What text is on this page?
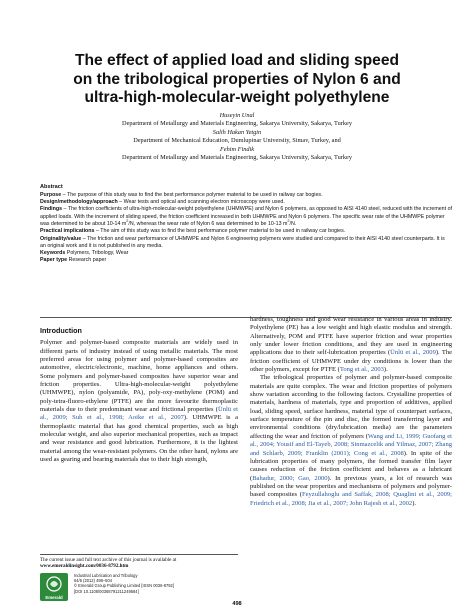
The effect of applied load and sliding speed
on the tribological properties of Nylon 6 and
ultra-high-molecular-weight polyethylene
Huseyin Unal
Department of Metallurgy and Materials Engineering, Sakarya University, Sakarya, Turkey
Salih Hakan Yetgin
Department of Mechanical Education, Dumlupinar University, Simav, Turkey, and
Fehim Findik
Department of Metallurgy and Materials Engineering, Sakarya University, Sakarya, Turkey
Abstract

Purpose – The purpose of this study was to find the best performance polymer material to be used in railway car bogies.

Design/methodology/approach – Wear tests and optical and scanning electron microscopy were used.

Findings – The friction coefficients of ultra-high-molecular-weight polyethylene (UHMWPE) and Nylon 6 polymers, as opposed to AISI 4140 steel, reduced with the increment of applied loads. With the increment of sliding speed, the friction coefficient increased in both UHMWPE and Nylon 6 polymers. The specific wear rate of the UHMWPE polymer was determined to be about 10-14 $m^2/N$, whereas the wear rate of Nylon 6 was determined to be 10-13 $m^2/N$.

Practical implications – The aim of this study was to find the best performance polymer material to be used in railway car bogies.

Originality/value – The friction and wear performance of UHMWPE and Nylon 6 engineering polymers were studied and compared to their AISI 4140 steel counterparts. It is an original work and it is not published in any media.

Keywords Polymers, Tribology, Wear

Paper type Research paper

Introduction

Polymer and polymer-based composite materials are widely used in different parts of industry instead of using metallic materials. The most preferred areas for using polymer and polymer-based composites are automotive, electric/electronic, machine, home appliances and others. Some polymers and polymer-based composites have superior wear and friction properties. Ultra-high-molecular-weight polyethylene (UHMWPE), nylon (polyamide, PA), poly-oxy-methylene (POM) and poly-tetra-fluoro-ethylene (PTFE) are the more favourite thermoplastic materials due to their predominant wear and frictional properties (Ünlü et al., 2009; Suh et al., 1998; Aoike et al., 2007). UHMWPE is a thermoplastic material that has good chemical properties, such as high molecular weight, and also superior mechanical properties, such as impact and wear resistance and good lubrication. Furthermore, it is the lightest material among the wear-resistant polymers. On the other hand, nylons are used as gearing and bearing materials due to their high strength,

hardness, toughness and good wear resistance in various areas in industry. Polyethylene (PE) has a low weight and high elastic modulus and strength. Alternatively, POM and PTFE have superior friction and wear properties only under lower friction conditions, and they are used in engineering applications due to their self-lubrication properties (Ünlü et al., 2009). The friction coefficient of UHMWPE under dry conditions is lower than the other polymers, except for PTFE (Tong et al., 2003).

The tribological properties of polymer and polymer-based composite materials are quite complex. The wear and friction properties of polymers show variation according to the following factors. Crystalline properties of materials, hardness of materials, type and proportion of additives, applied load, sliding speed, surface hardness, material type of counterpart surfaces, surface temperature of the pin and disc, the formed transferring layer and environmental conditions (dry/lubrication media) are the parameters affecting the wear and friction of polymers (Wang and Li, 1999; Guofang et al., 2004; Yousif and El-Tayeb, 2008; Sinmazcelik and Yilmaz, 2007; Zhang and Schlarb, 2009; Franklin (2001); Cong et al., 2008). In spite of the lubrication properties of many polymers, the formed transfer film layer causes reduction of the friction coefficient and behaves as a lubricant (Bahadur, 2000; Gao, 2000). In previous years, a lot of research was published on the wear properties and mechanisms of polymers and polymer-based composites (Feyzullahoglu and Saffak, 2008; Quaglini et al., 2009; Friedrich et al., 2008; Jia et al., 2007; John Rajesh et al., 2002).

The current issue and full text archive of this journal is available at www.emeraldinsight.com/0036-8792.htm
Emerald
Industrial Lubrication and Tribology
64/5 (2012) 498–504
© Emerald Group Publishing Limited [ISSN 0036-8792]
[DOI 10.1108/00368791211249584]
498
